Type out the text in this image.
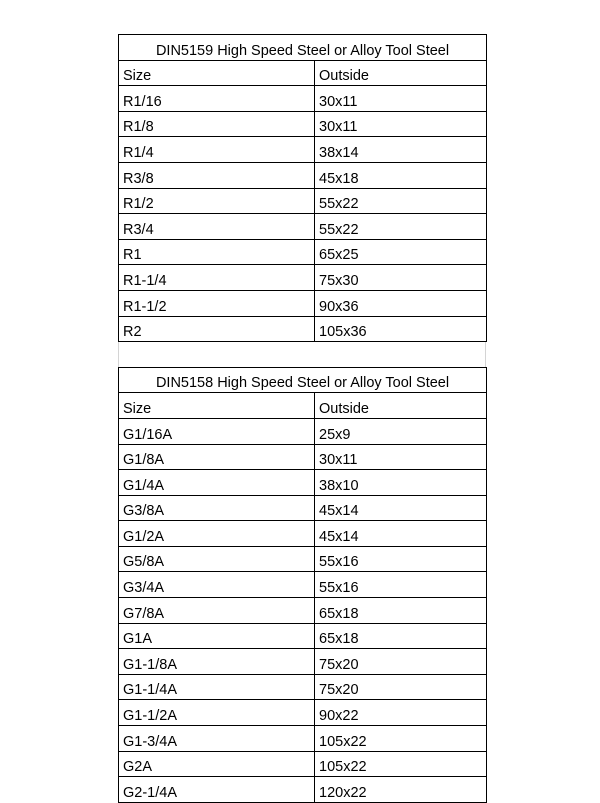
DIN5159 High Speed Steel or Alloy Tool Steel	
Size	Outside
R1/16	30x11
R1/8	30x11
R1/4	38x14
R3/8	45x18
R1/2	55x22
R3/4	55x22
R1	65x25
R1-1/4	75x30
R1-1/2	90x36
R2	105x36
DIN5158 High Speed Steel or Alloy Tool Steel	
Size	Outside
G1/16A	25x9
G1/8A	30x11
G1/4A	38x10
G3/8A	45x14
G1/2A	45x14
G5/8A	55x16
G3/4A	55x16
G7/8A	65x18
G1A	65x18
G1-1/8A	75x20
G1-1/4A	75x20
G1-1/2A	90x22
G1-3/4A	105x22
G2A	105x22
G2-1/4A	120x22
